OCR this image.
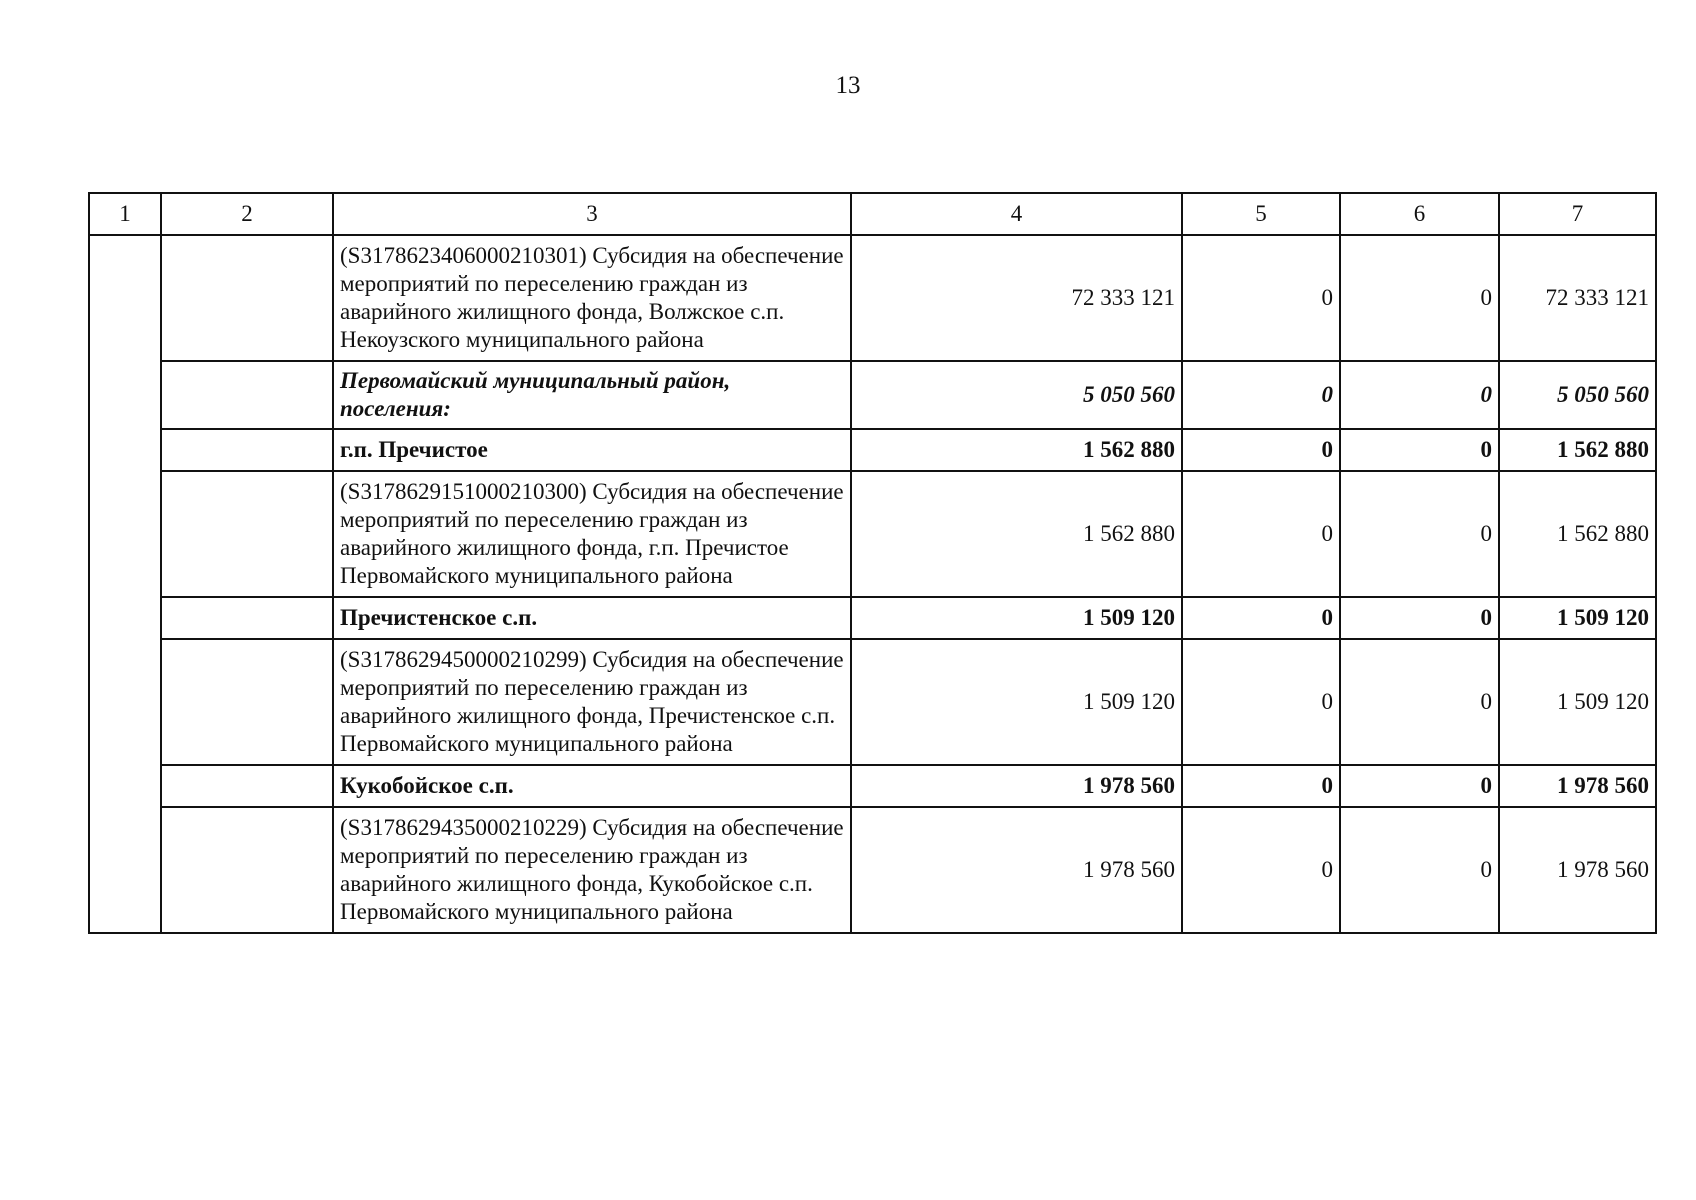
13
1	2	3	4	5	6	7
		(S3178623406000210301) Субсидия на обеспечение мероприятий по переселению граждан из аварийного жилищного фонда, Волжское с.п. Некоузского муниципального района	72 333 121	0	0	72 333 121
		Первомайский муниципальный район, поселения:	5 050 560	0	0	5 050 560
		г.п. Пречистое	1 562 880	0	0	1 562 880
		(S3178629151000210300) Субсидия на обеспечение мероприятий по переселению граждан из аварийного жилищного фонда, г.п. Пречистое Первомайского муниципального района	1 562 880	0	0	1 562 880
		Пречистенское с.п.	1 509 120	0	0	1 509 120
		(S3178629450000210299) Субсидия на обеспечение мероприятий по переселению граждан из аварийного жилищного фонда, Пречистенское с.п. Первомайского муниципального района	1 509 120	0	0	1 509 120
		Кукобойское с.п.	1 978 560	0	0	1 978 560
		(S3178629435000210229) Субсидия на обеспечение мероприятий по переселению граждан из аварийного жилищного фонда, Кукобойское с.п. Первомайского муниципального района	1 978 560	0	0	1 978 560
